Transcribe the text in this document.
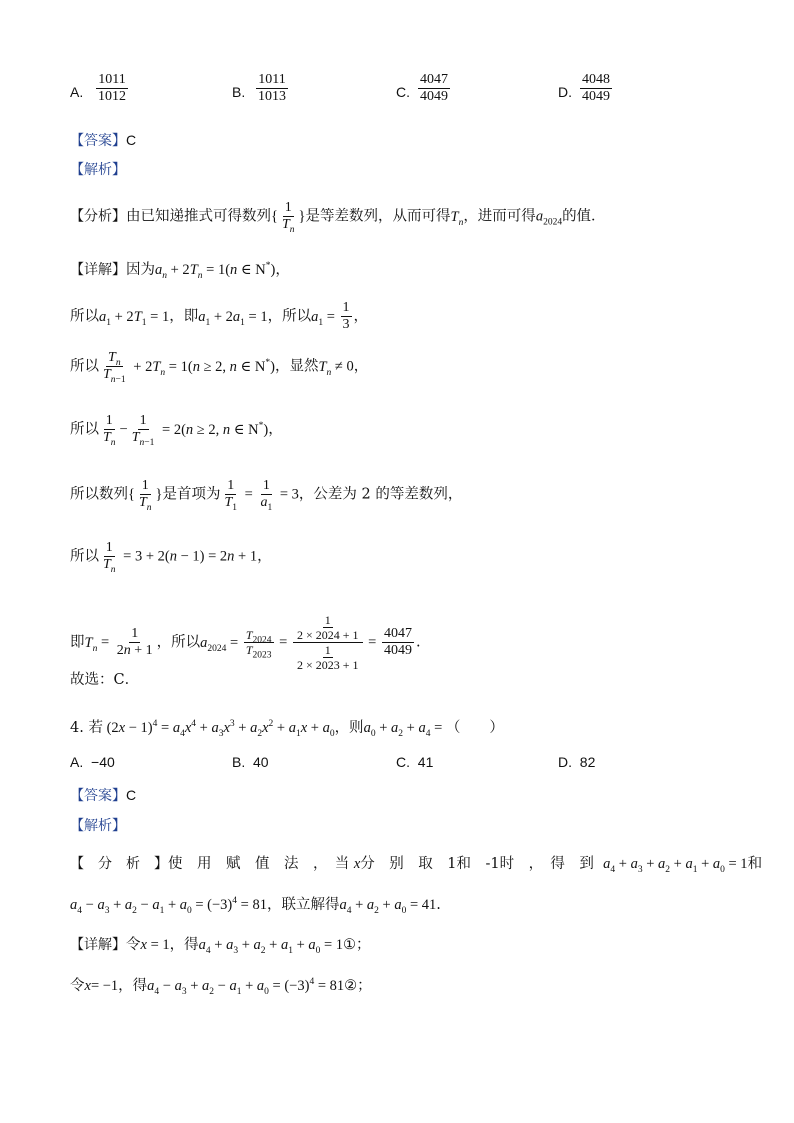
A. $\frac{1011}{1012}$	B. $\frac{1011}{1013}$	C. $\frac{4047}{4049}$	D. $\frac{4048}{4049}$
【答案】C
【解析】
【分析】由已知递推式可得数列{ $\frac{1}{T_n}$ }是等差数列，从而可得$T_n$，进而可得$a_{2024}$的值．
【详解】因为$a_n + 2T_n = 1(n$ ∈ N*)，
所以$a_1 + 2T_1 = 1$，即$a_1 + 2a_1 = 1$，所以$a_1 = \frac{1}{3}$ ，
所以 $\frac{T_n}{T_{n-1}} + 2T_n = 1(n \ge 2$, n ∈ N*)，显然$T_n \ne 0$，
所以 $\frac{1}{T_n} - \frac{1}{T_{n-1}} = 2(n \ge 2$, n ∈ N*)，
所以数列{ $\frac{1}{T_n}$ }是首项为 $\frac{1}{T_1} = \frac{1}{a_1} = 3$，公差为 2 的等差数列，
所以 $\frac{1}{T_n} = 3 + 2(n - 1) = 2n + 1$，
即$T_n = \frac{1}{2n + 1}$ ，所以$a_{2024} = \frac{T_{2024}}{T_{2023}} = \frac{\frac{1}{2 \times 2024 + 1}}{\frac{1}{2 \times 2023 + 1}} = \frac{4047}{4049}$ .
故选：C．
4. 若 $(2x - 1)^4 = a_4x^4 + a_3x^3 + a_2x^2 + a_1x + a_0$，则$a_0 + a_2 + a_4$ = （　　）
A. −40	B. 40	C. 41	D. 82
【答案】C
【解析】
【　分　析　】使　用　赋　值　法　，　当 x分　别　取　1和　-1时　，　得　到 $a_4 + a_3 + a_2 + a_1 + a_0 = 1$和
$a_4 - a_3 + a_2 - a_1 + a_0 = (-3)^4 = 81$，联立解得$a_4 + a_2 + a_0 = 41$.
【详解】令x = 1，得$a_4 + a_3 + a_2 + a_1 + a_0$ = 1①；
令x= −1，得$a_4 - a_3 + a_2 - a_1 + a_0 = (-3)^4$ = 81②；
